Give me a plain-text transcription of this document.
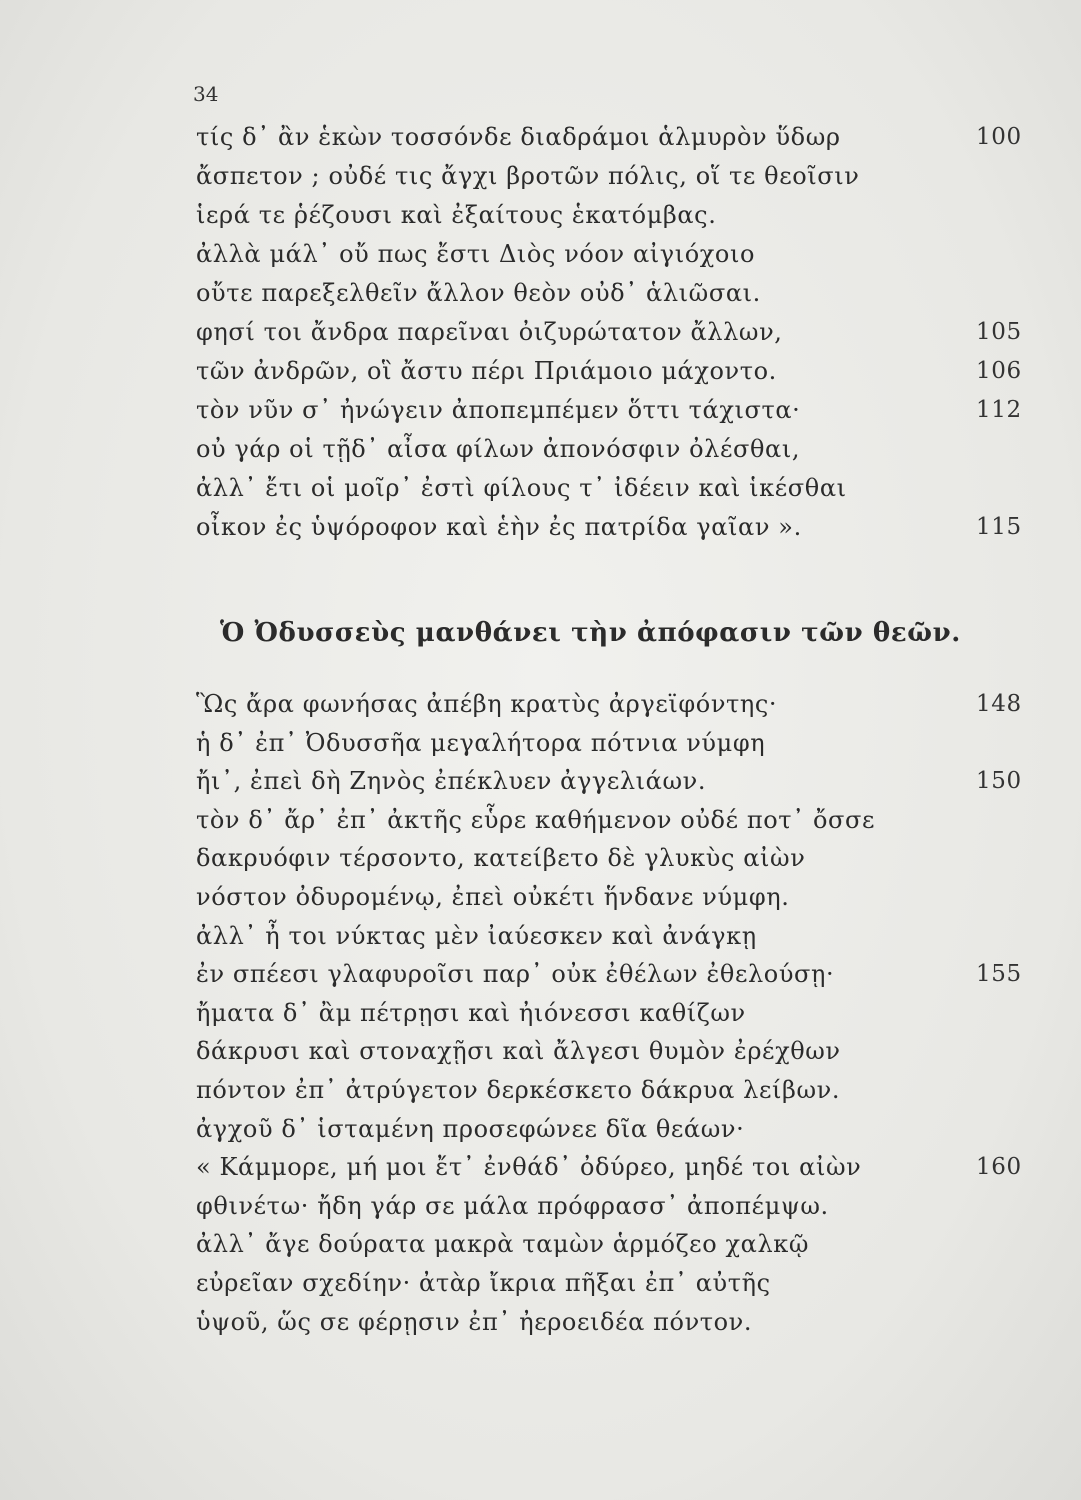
34
τίς δ᾽ ἂν ἑκὼν τοσσόνδε διαδράμοι ἁλμυρὸν ὕδωρ	100
ἄσπετον ; οὐδέ τις ἄγχι βροτῶν πόλις, οἵ τε θεοῖσιν
ἱερά τε ῥέζουσι καὶ ἐξαίτους ἑκατόμβας.
ἀλλὰ μάλ᾽ οὔ πως ἔστι Διὸς νόον αἰγιόχοιο
οὔτε παρεξελθεῖν ἄλλον θεὸν οὐδ᾽ ἁλιῶσαι.
φησί τοι ἄνδρα παρεῖναι ὀιζυρώτατον ἄλλων,	105
τῶν ἀνδρῶν, οἳ ἄστυ πέρι Πριάμοιο μάχοντο.	106
τὸν νῦν σ᾽ ἠνώγειν ἀποπεμπέμεν ὅττι τάχιστα·	112
οὐ γάρ οἱ τῇδ᾽ αἶσα φίλων ἀπονόσφιν ὀλέσθαι,
ἀλλ᾽ ἔτι οἱ μοῖρ᾽ ἐστὶ φίλους τ᾽ ἰδέειν καὶ ἱκέσθαι
οἶκον ἐς ὑψόροφον καὶ ἑὴν ἐς πατρίδα γαῖαν ».	115
Ὁ Ὀδυσσεὺς μανθάνει τὴν ἀπόφασιν τῶν θεῶν.
Ὣς ἄρα φωνήσας ἀπέβη κρατὺς ἀργεϊφόντης·	148
ἡ δ᾽ ἐπ᾽ Ὀδυσσῆα μεγαλήτορα πότνια νύμφη
ἤι᾽, ἐπεὶ δὴ Ζηνὸς ἐπέκλυεν ἀγγελιάων.	150
τὸν δ᾽ ἄρ᾽ ἐπ᾽ ἀκτῆς εὗρε καθήμενον οὐδέ ποτ᾽ ὄσσε
δακρυόφιν τέρσοντο, κατείβετο δὲ γλυκὺς αἰὼν
νόστον ὀδυρομένῳ, ἐπεὶ οὐκέτι ἥνδανε νύμφη.
ἀλλ᾽ ἦ τοι νύκτας μὲν ἰαύεσκεν καὶ ἀνάγκῃ
ἐν σπέεσι γλαφυροῖσι παρ᾽ οὐκ ἐθέλων ἐθελούσῃ·	155
ἤματα δ᾽ ἂμ πέτρῃσι καὶ ἠιόνεσσι καθίζων
δάκρυσι καὶ στοναχῇσι καὶ ἄλγεσι θυμὸν ἐρέχθων
πόντον ἐπ᾽ ἀτρύγετον δερκέσκετο δάκρυα λείβων.
ἀγχοῦ δ᾽ ἱσταμένη προσεφώνεε δῖα θεάων·
« Κάμμορε, μή μοι ἔτ᾽ ἐνθάδ᾽ ὀδύρεο, μηδέ τοι αἰὼν	160
φθινέτω· ἤδη γάρ σε μάλα πρόφρασσ᾽ ἀποπέμψω.
ἀλλ᾽ ἄγε δούρατα μακρὰ ταμὼν ἁρμόζεο χαλκῷ
εὐρεῖαν σχεδίην· ἀτὰρ ἴκρια πῆξαι ἐπ᾽ αὐτῆς
ὑψοῦ, ὥς σε φέρῃσιν ἐπ᾽ ἠεροειδέα πόντον.
